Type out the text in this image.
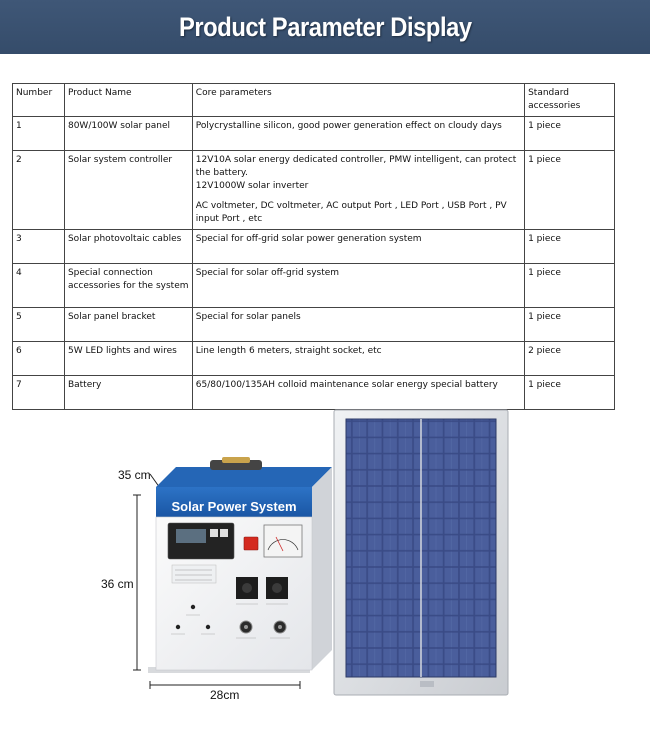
Product Parameter Display
Number	Product Name	Core parameters	Standard accessories
1	80W/100W solar panel	Polycrystalline silicon, good power generation effect on cloudy days	1 piece
2	Solar system controller	12V10A solar energy dedicated controller, PMW intelligent, can protect the battery.
12V1000W solar inverter
AC voltmeter, DC voltmeter, AC output Port , LED Port , USB Port , PV input Port , etc	1 piece
3	Solar photovoltaic cables	Special for off-grid solar power generation system	1 piece
4	Special connection accessories for the system	Special for solar off-grid system	1 piece
5	Solar panel bracket	Special for solar panels	1 piece
6	5W LED lights and wires	Line length 6 meters, straight socket, etc	2 piece
7	Battery	65/80/100/135AH colloid maintenance solar energy special battery	1 piece
Solar Power System
35 cm
36 cm
28cm
